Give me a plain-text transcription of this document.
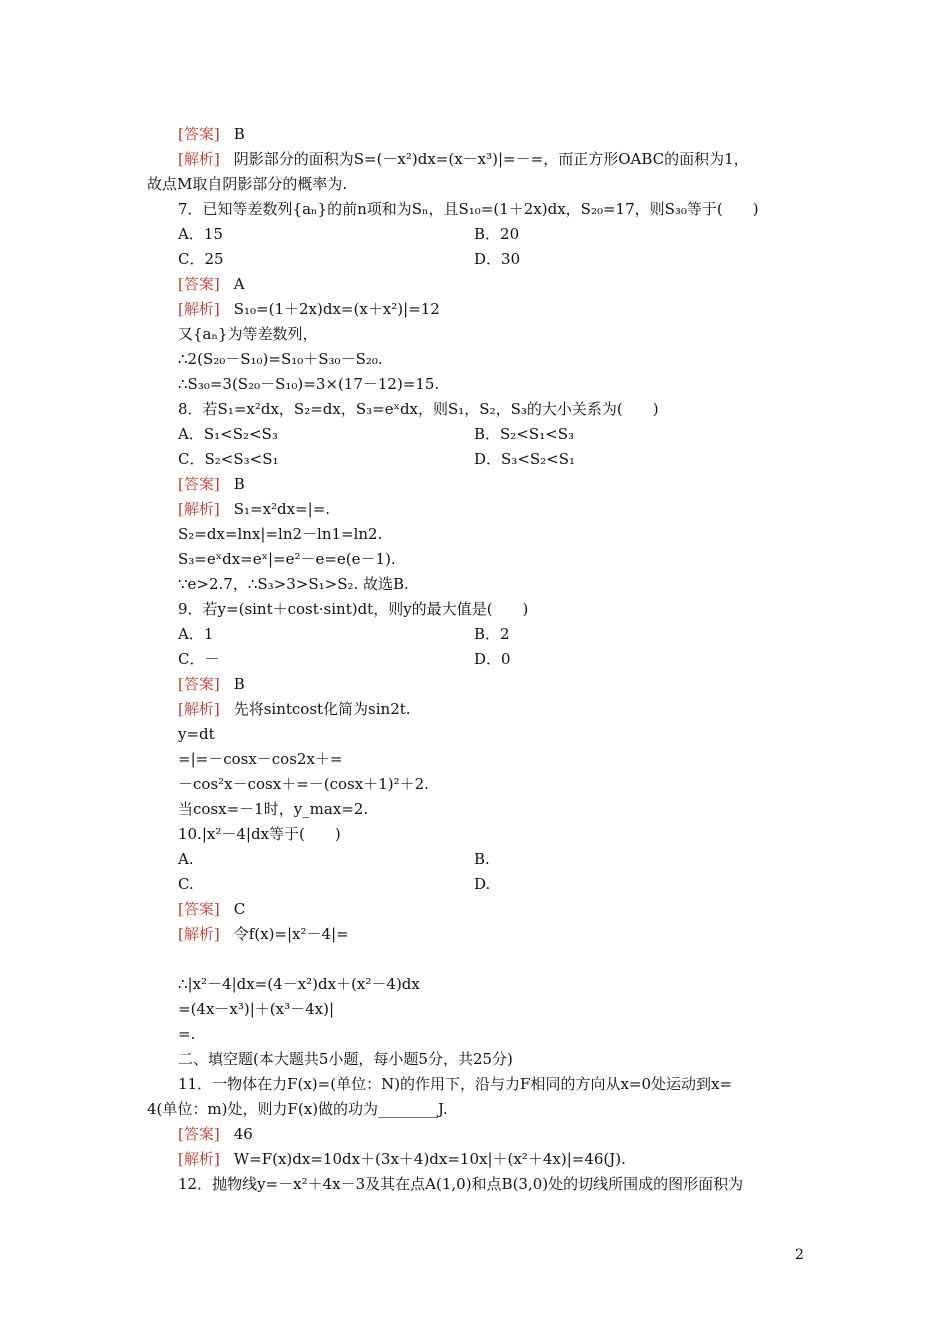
[答案] B
[解析] 阴影部分的面积为S=(－x²)dx=(x－x³)|=－=，而正方形OABC的面积为1，
故点M取自阴影部分的概率为.
7．已知等差数列{aₙ}的前n项和为Sₙ，且S₁₀=(1＋2x)dx，S₂₀=17，则S₃₀等于(　　)
A．15	B．20
C．25	D．30
[答案] A
[解析] S₁₀=(1＋2x)dx=(x＋x²)|=12
又{aₙ}为等差数列，
∴2(S₂₀－S₁₀)=S₁₀＋S₃₀－S₂₀.
∴S₃₀=3(S₂₀－S₁₀)=3×(17－12)=15.
8．若S₁=x²dx，S₂=dx，S₃=eˣdx，则S₁，S₂，S₃的大小关系为(　　)
A．S₁<S₂<S₃	B．S₂<S₁<S₃
C．S₂<S₃<S₁	D．S₃<S₂<S₁
[答案] B
[解析] S₁=x²dx=|=.
S₂=dx=lnx|=ln2－ln1=ln2.
S₃=eˣdx=eˣ|=e²－e=e(e－1).
∵e>2.7，∴S₃>3>S₁>S₂. 故选B.
9．若y=(sint＋cost·sint)dt，则y的最大值是(　　)
A．1	B．2
C．－	D．0
[答案] B
[解析] 先将sintcost化简为sin2t.
y=dt
=|=－cosx－cos2x＋=
－cos²x－cosx＋=－(cosx＋1)²＋2.
当cosx=－1时，y_max=2.
10.|x²－4|dx等于(　　)
A.	B.
C.	D.
[答案] C
[解析] 令f(x)=|x²－4|=
∴|x²－4|dx=(4－x²)dx＋(x²－4)dx
=(4x－x³)|＋(x³－4x)|
=.
二、填空题(本大题共5小题，每小题5分，共25分)
11．一物体在力F(x)=(单位：N)的作用下，沿与力F相同的方向从x=0处运动到x=
4(单位：m)处，则力F(x)做的功为________J.
[答案] 46
[解析] W=F(x)dx=10dx＋(3x＋4)dx=10x|＋(x²＋4x)|=46(J).
12．抛物线y=－x²＋4x－3及其在点A(1,0)和点B(3,0)处的切线所围成的图形面积为
2
